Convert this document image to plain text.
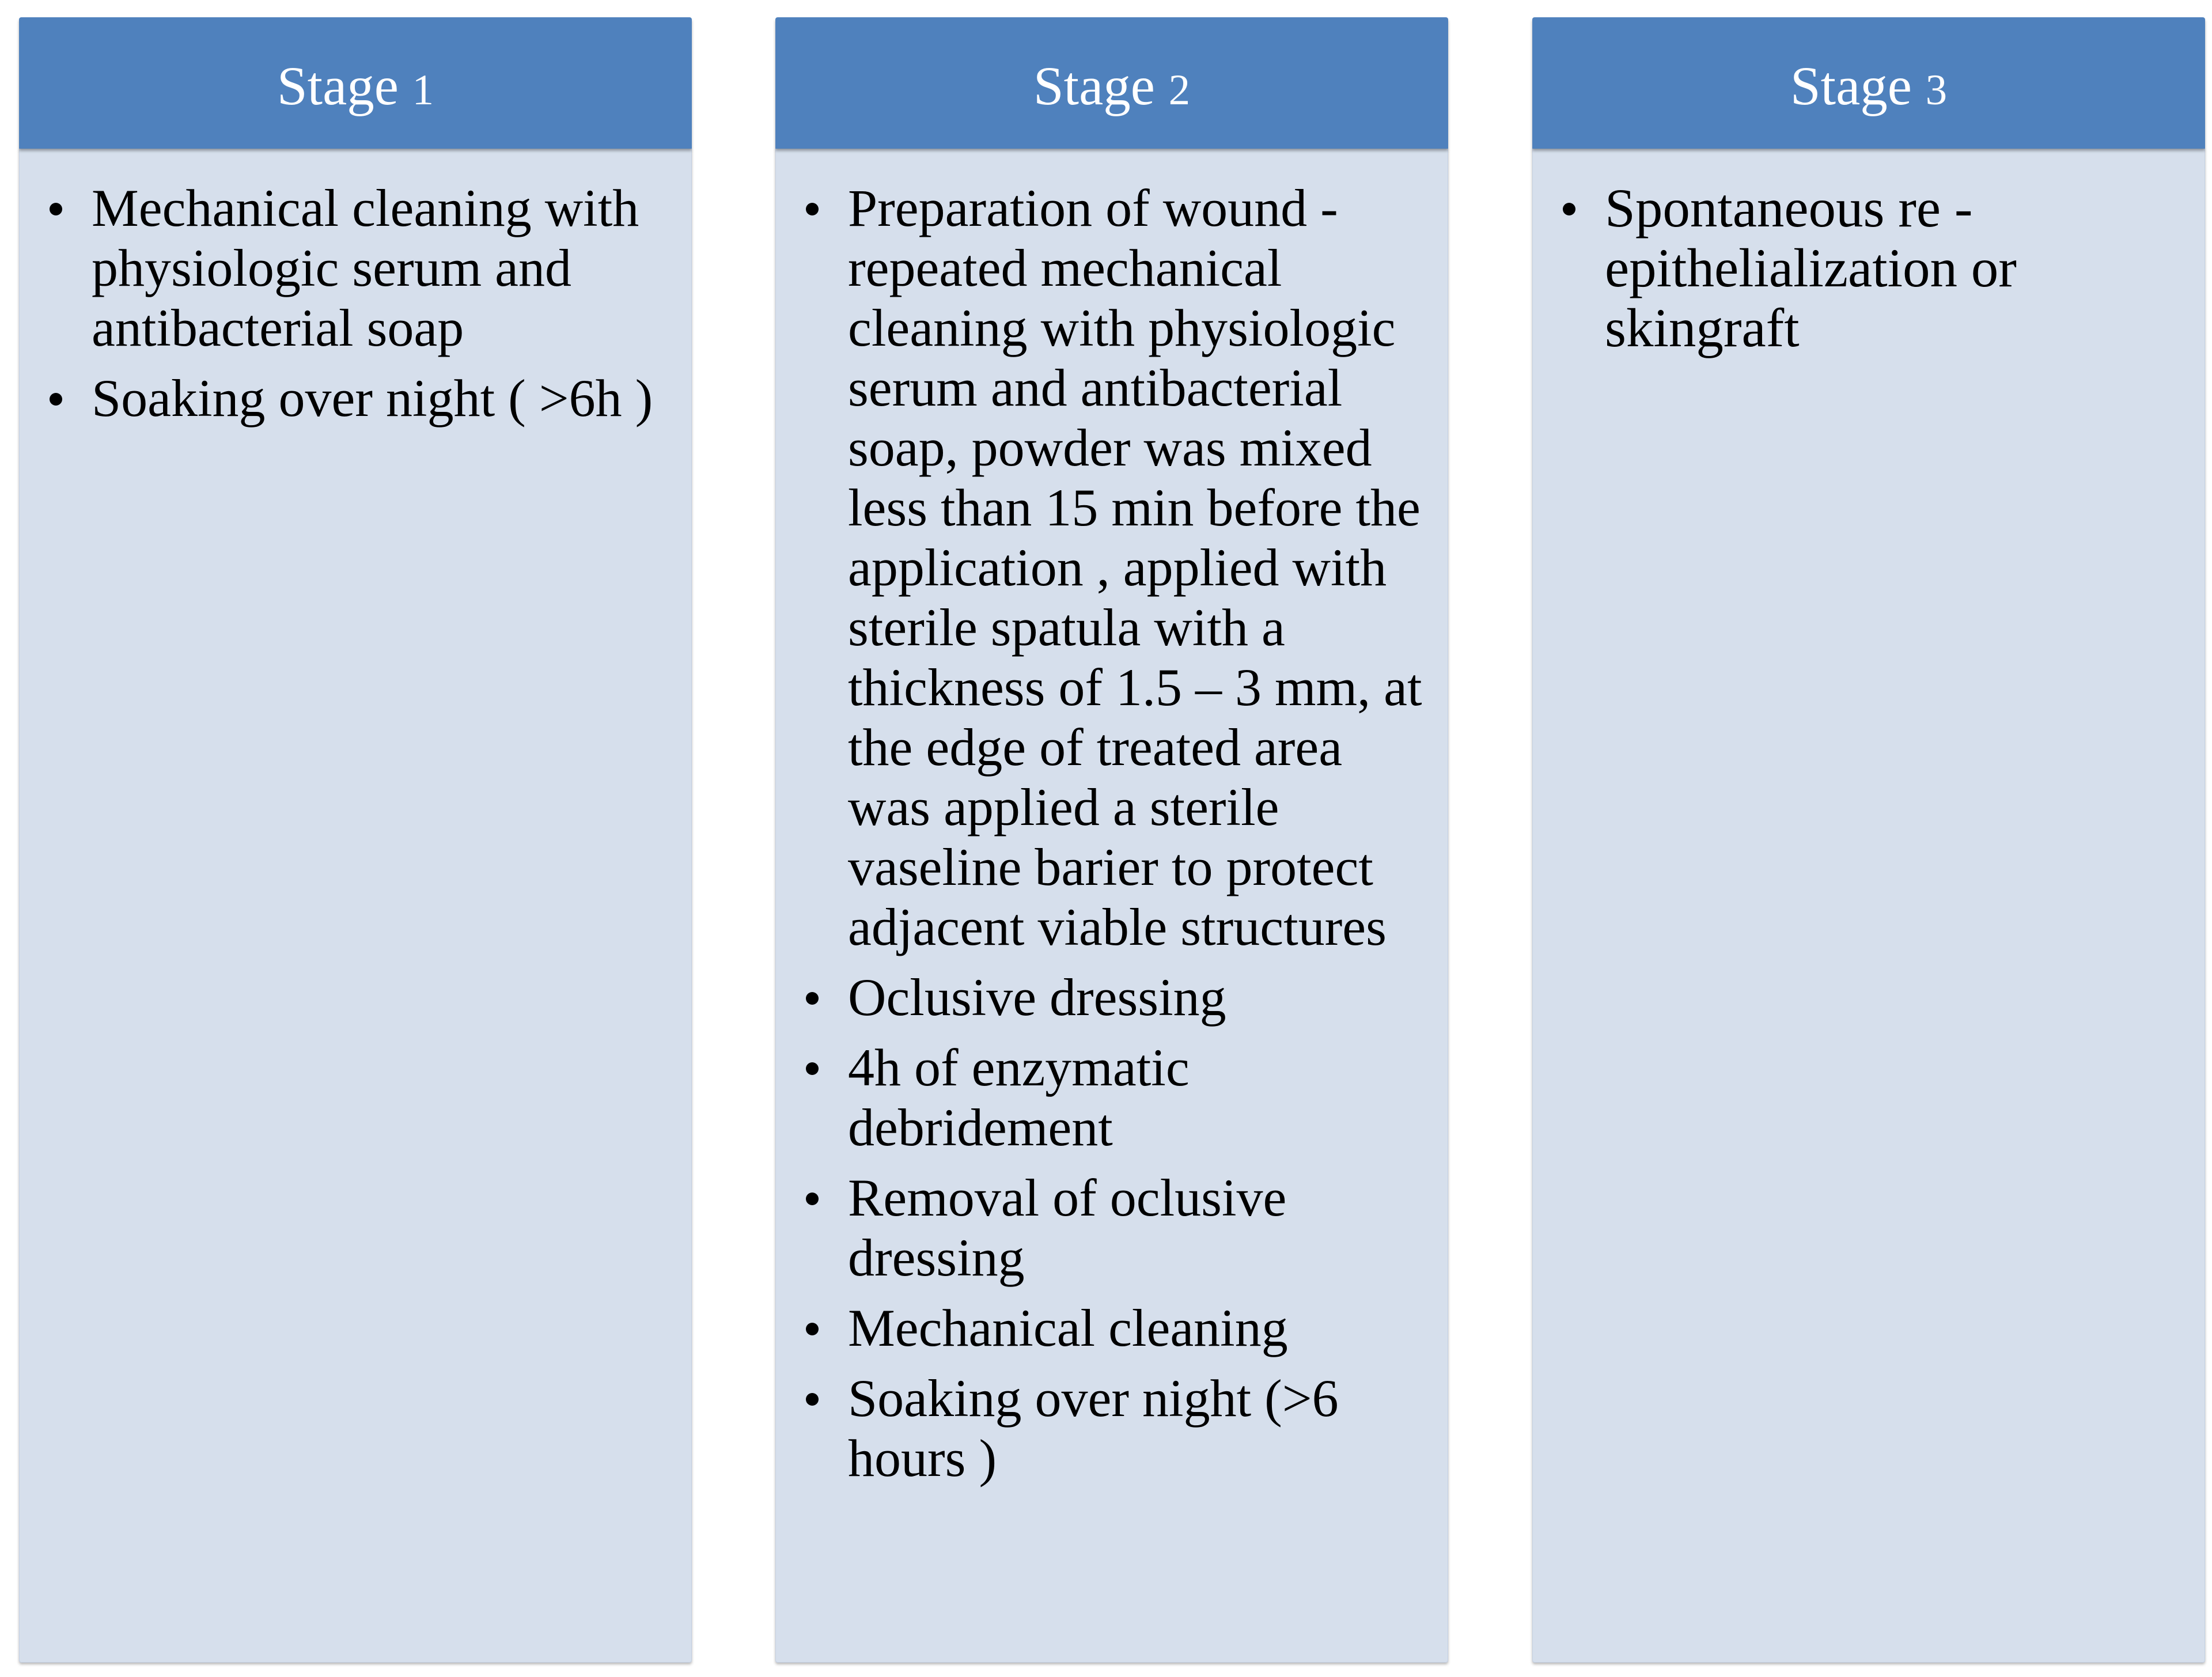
Stage 1
Mechanical cleaning with physiologic serum and antibacterial soap
Soaking over night ( >6h )
Stage 2
Preparation of wound - repeated mechanical cleaning with physiologic serum and antibacterial soap, powder was mixed less than 15 min before the application , applied with sterile spatula with a thickness of 1.5 – 3 mm, at the edge of treated area was applied a sterile vaseline barier to protect adjacent viable structures
Oclusive dressing
4h of enzymatic debridement
Removal of oclusive dressing
Mechanical cleaning
Soaking over night (>6 hours )
Stage 3
Spontaneous re - epithelialization or skingraft
